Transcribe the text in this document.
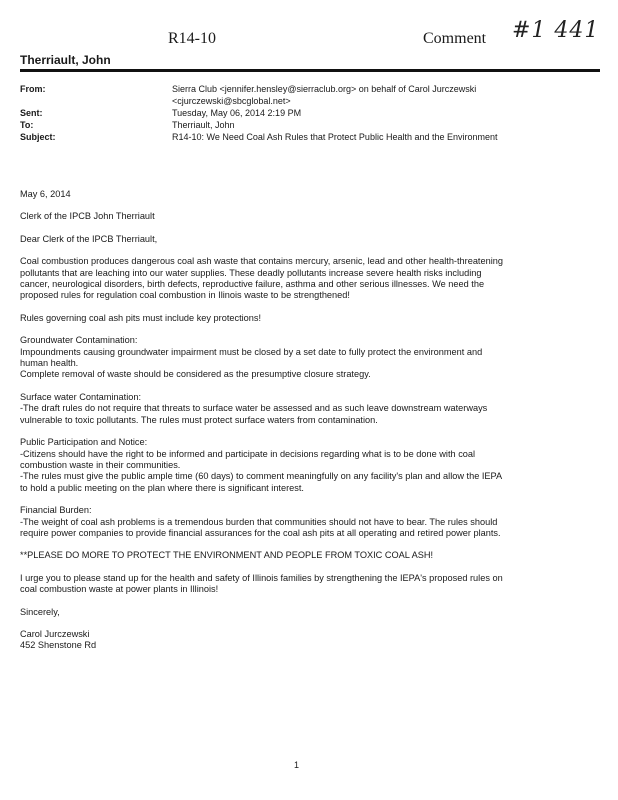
R14-10	Comment #1 441
Therriault, John
From:	Sierra Club <jennifer.hensley@sierraclub.org> on behalf of Carol Jurczewski
<cjurczewski@sbcglobal.net>
Sent:	Tuesday, May 06, 2014 2:19 PM
To:	Therriault, John
Subject:	R14-10: We Need Coal Ash Rules that Protect Public Health and the Environment

May 6, 2014

Clerk of the IPCB John Therriault

Dear Clerk of the IPCB Therriault,

Coal combustion produces dangerous coal ash waste that contains mercury, arsenic, lead and other health-threatening
pollutants that are leaching into our water supplies. These deadly pollutants increase severe health risks including
cancer, neurological disorders, birth defects, reproductive failure, asthma and other serious illnesses. We need the
proposed rules for regulation coal combustion in Ilinois waste to be strengthened!

Rules governing coal ash pits must include key protections!

Groundwater Contamination:
Impoundments causing groundwater impairment must be closed by a set date to fully protect the environment and
human health.
Complete removal of waste should be considered as the presumptive closure strategy.

Surface water Contamination:
-The draft rules do not require that threats to surface water be assessed and as such leave downstream waterways
vulnerable to toxic pollutants. The rules must protect surface waters from contamination.

Public Participation and Notice:
-Citizens should have the right to be informed and participate in decisions regarding what is to be done with coal
combustion waste in their communities.
-The rules must give the public ample time (60 days) to comment meaningfully on any facility's plan and allow the IEPA
to hold a public meeting on the plan where there is significant interest.

Financial Burden:
-The weight of coal ash problems is a tremendous burden that communities should not have to bear. The rules should
require power companies to provide financial assurances for the coal ash pits at all operating and retired power plants.

**PLEASE DO MORE TO PROTECT THE ENVIRONMENT AND PEOPLE FROM TOXIC COAL ASH!

I urge you to please stand up for the health and safety of Illinois families by strengthening the IEPA's proposed rules on
coal combustion waste at power plants in Illinois!

Sincerely,

Carol Jurczewski
452 Shenstone Rd
1
